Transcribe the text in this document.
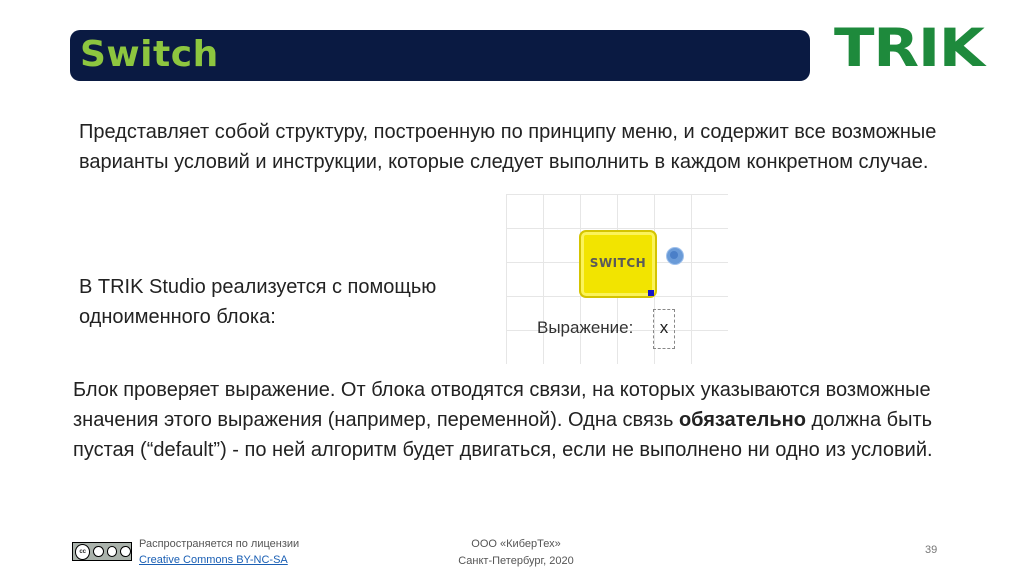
Switch	TRIK
Представляет собой структуру, построенную по принципу меню, и содержит все возможные варианты условий и инструкции, которые следует выполнить в каждом конкретном случае.
В TRIK Studio реализуется с помощью одноименного блока:
SWITCH
Выражение:	x
Блок проверяет выражение. От блока отводятся связи, на которых указываются возможные значения этого выражения (например, переменной). Одна связь обязательно должна быть пустая (“default”) - по ней алгоритм будет двигаться, если не выполнено ни одно из условий.
cc
Распространяется по лицензии
Creative Commons BY-NC-SA
ООО «КиберТех»
Санкт-Петербург, 2020
39
